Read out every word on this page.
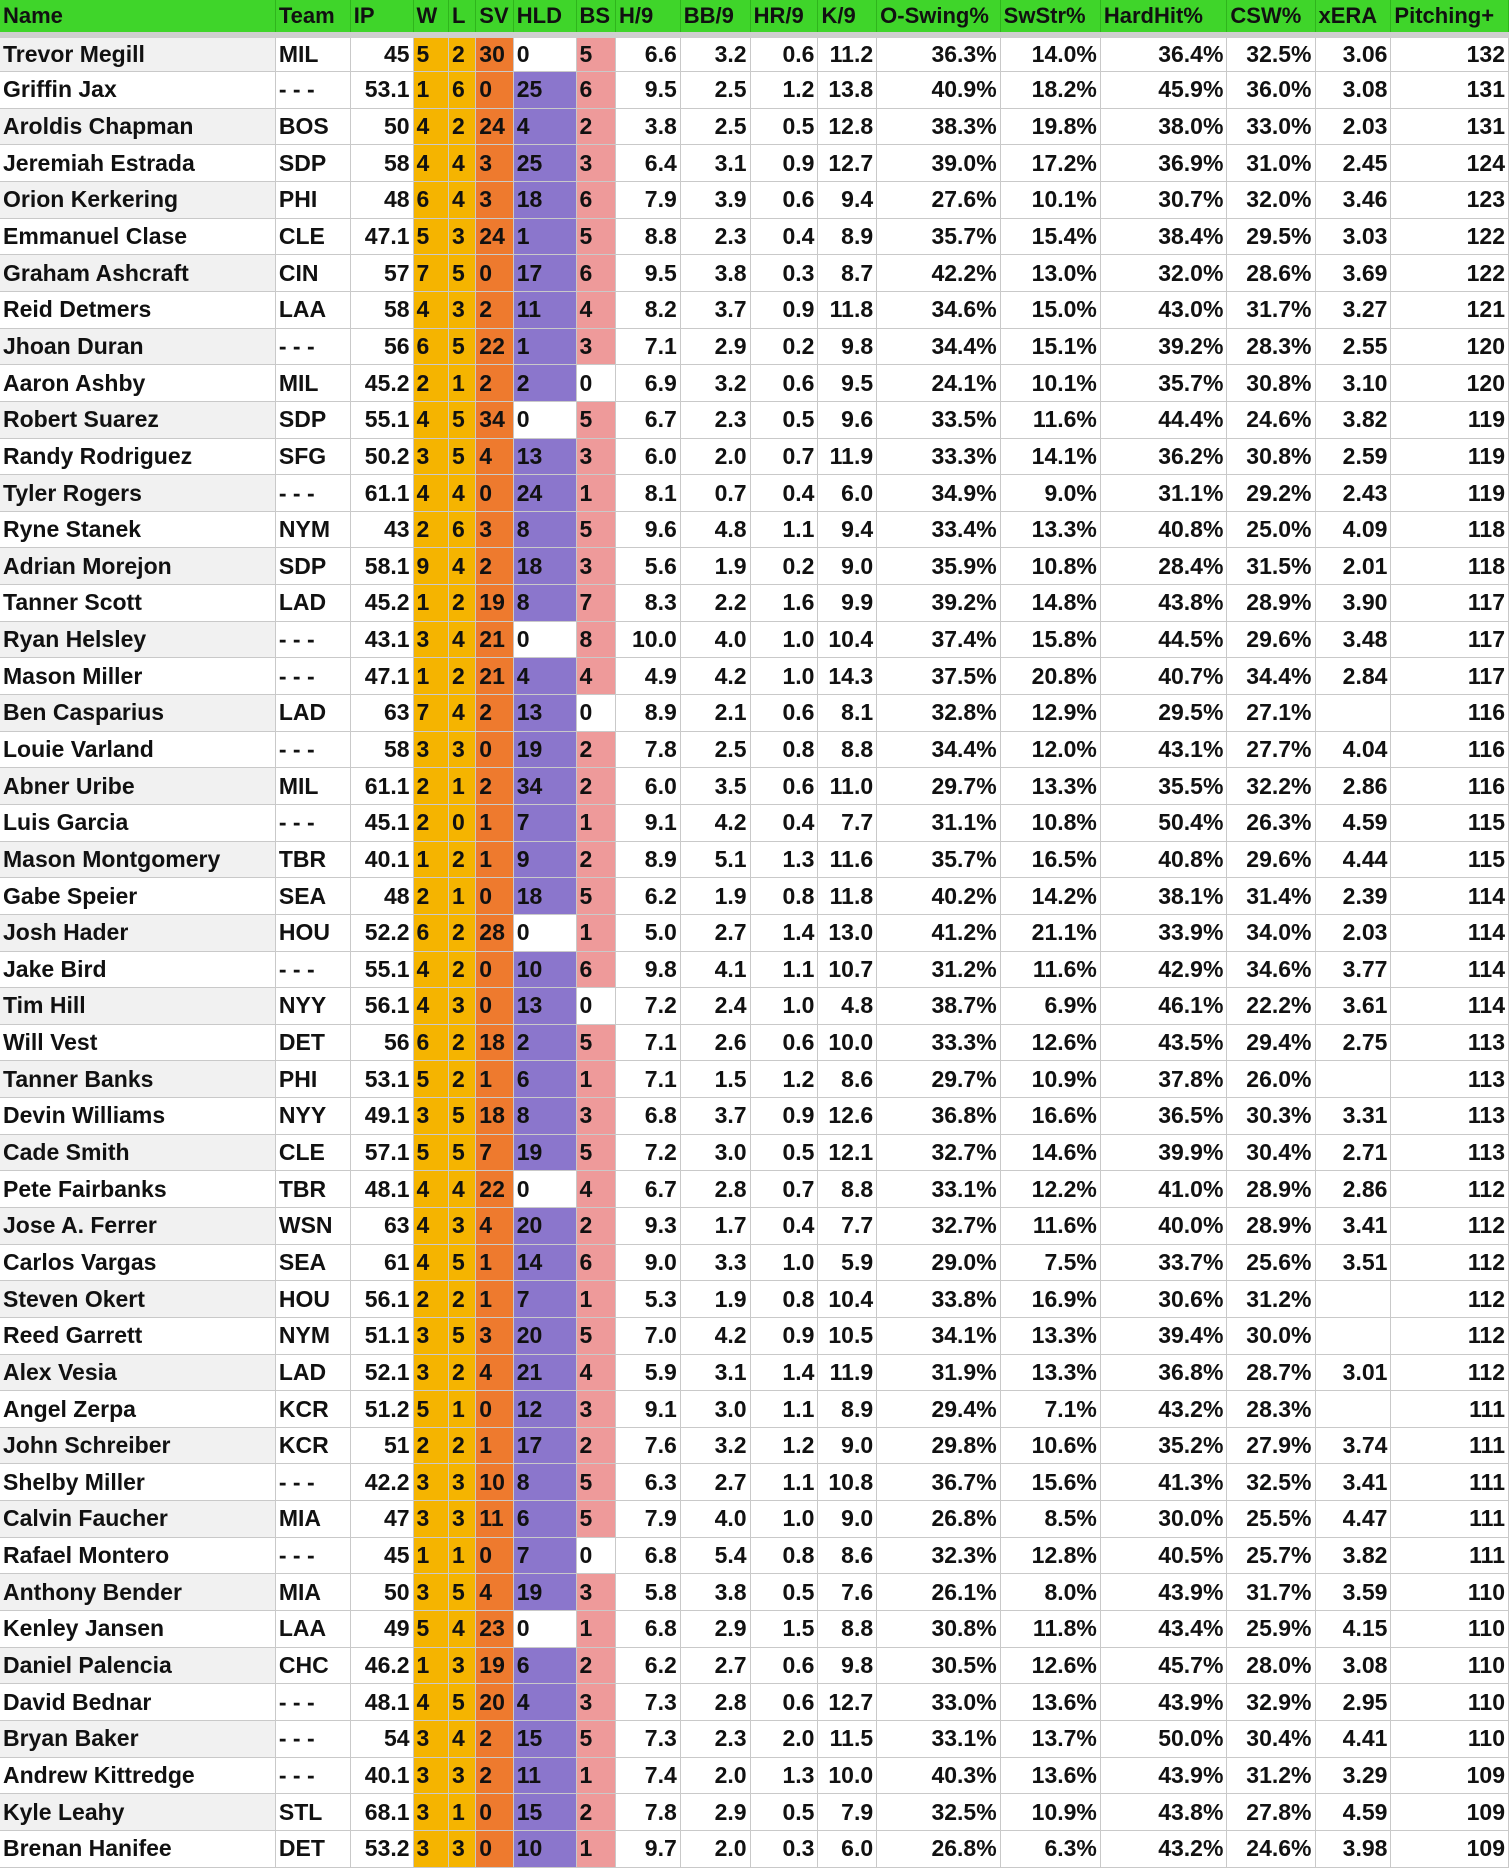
Name	Team	IP	W	L	SV	HLD	BS	H/9	BB/9	HR/9	K/9	O-Swing%	SwStr%	HardHit%	CSW%	xERA	Pitching+
Trevor Megill	MIL	45	5	2	30	0	5	6.6	3.2	0.6	11.2	36.3%	14.0%	36.4%	32.5%	3.06	132
Griffin Jax	- - -	53.1	1	6	0	25	6	9.5	2.5	1.2	13.8	40.9%	18.2%	45.9%	36.0%	3.08	131
Aroldis Chapman	BOS	50	4	2	24	4	2	3.8	2.5	0.5	12.8	38.3%	19.8%	38.0%	33.0%	2.03	131
Jeremiah Estrada	SDP	58	4	4	3	25	3	6.4	3.1	0.9	12.7	39.0%	17.2%	36.9%	31.0%	2.45	124
Orion Kerkering	PHI	48	6	4	3	18	6	7.9	3.9	0.6	9.4	27.6%	10.1%	30.7%	32.0%	3.46	123
Emmanuel Clase	CLE	47.1	5	3	24	1	5	8.8	2.3	0.4	8.9	35.7%	15.4%	38.4%	29.5%	3.03	122
Graham Ashcraft	CIN	57	7	5	0	17	6	9.5	3.8	0.3	8.7	42.2%	13.0%	32.0%	28.6%	3.69	122
Reid Detmers	LAA	58	4	3	2	11	4	8.2	3.7	0.9	11.8	34.6%	15.0%	43.0%	31.7%	3.27	121
Jhoan Duran	- - -	56	6	5	22	1	3	7.1	2.9	0.2	9.8	34.4%	15.1%	39.2%	28.3%	2.55	120
Aaron Ashby	MIL	45.2	2	1	2	2	0	6.9	3.2	0.6	9.5	24.1%	10.1%	35.7%	30.8%	3.10	120
Robert Suarez	SDP	55.1	4	5	34	0	5	6.7	2.3	0.5	9.6	33.5%	11.6%	44.4%	24.6%	3.82	119
Randy Rodriguez	SFG	50.2	3	5	4	13	3	6.0	2.0	0.7	11.9	33.3%	14.1%	36.2%	30.8%	2.59	119
Tyler Rogers	- - -	61.1	4	4	0	24	1	8.1	0.7	0.4	6.0	34.9%	9.0%	31.1%	29.2%	2.43	119
Ryne Stanek	NYM	43	2	6	3	8	5	9.6	4.8	1.1	9.4	33.4%	13.3%	40.8%	25.0%	4.09	118
Adrian Morejon	SDP	58.1	9	4	2	18	3	5.6	1.9	0.2	9.0	35.9%	10.8%	28.4%	31.5%	2.01	118
Tanner Scott	LAD	45.2	1	2	19	8	7	8.3	2.2	1.6	9.9	39.2%	14.8%	43.8%	28.9%	3.90	117
Ryan Helsley	- - -	43.1	3	4	21	0	8	10.0	4.0	1.0	10.4	37.4%	15.8%	44.5%	29.6%	3.48	117
Mason Miller	- - -	47.1	1	2	21	4	4	4.9	4.2	1.0	14.3	37.5%	20.8%	40.7%	34.4%	2.84	117
Ben Casparius	LAD	63	7	4	2	13	0	8.9	2.1	0.6	8.1	32.8%	12.9%	29.5%	27.1%		116
Louie Varland	- - -	58	3	3	0	19	2	7.8	2.5	0.8	8.8	34.4%	12.0%	43.1%	27.7%	4.04	116
Abner Uribe	MIL	61.1	2	1	2	34	2	6.0	3.5	0.6	11.0	29.7%	13.3%	35.5%	32.2%	2.86	116
Luis Garcia	- - -	45.1	2	0	1	7	1	9.1	4.2	0.4	7.7	31.1%	10.8%	50.4%	26.3%	4.59	115
Mason Montgomery	TBR	40.1	1	2	1	9	2	8.9	5.1	1.3	11.6	35.7%	16.5%	40.8%	29.6%	4.44	115
Gabe Speier	SEA	48	2	1	0	18	5	6.2	1.9	0.8	11.8	40.2%	14.2%	38.1%	31.4%	2.39	114
Josh Hader	HOU	52.2	6	2	28	0	1	5.0	2.7	1.4	13.0	41.2%	21.1%	33.9%	34.0%	2.03	114
Jake Bird	- - -	55.1	4	2	0	10	6	9.8	4.1	1.1	10.7	31.2%	11.6%	42.9%	34.6%	3.77	114
Tim Hill	NYY	56.1	4	3	0	13	0	7.2	2.4	1.0	4.8	38.7%	6.9%	46.1%	22.2%	3.61	114
Will Vest	DET	56	6	2	18	2	5	7.1	2.6	0.6	10.0	33.3%	12.6%	43.5%	29.4%	2.75	113
Tanner Banks	PHI	53.1	5	2	1	6	1	7.1	1.5	1.2	8.6	29.7%	10.9%	37.8%	26.0%		113
Devin Williams	NYY	49.1	3	5	18	8	3	6.8	3.7	0.9	12.6	36.8%	16.6%	36.5%	30.3%	3.31	113
Cade Smith	CLE	57.1	5	5	7	19	5	7.2	3.0	0.5	12.1	32.7%	14.6%	39.9%	30.4%	2.71	113
Pete Fairbanks	TBR	48.1	4	4	22	0	4	6.7	2.8	0.7	8.8	33.1%	12.2%	41.0%	28.9%	2.86	112
Jose A. Ferrer	WSN	63	4	3	4	20	2	9.3	1.7	0.4	7.7	32.7%	11.6%	40.0%	28.9%	3.41	112
Carlos Vargas	SEA	61	4	5	1	14	6	9.0	3.3	1.0	5.9	29.0%	7.5%	33.7%	25.6%	3.51	112
Steven Okert	HOU	56.1	2	2	1	7	1	5.3	1.9	0.8	10.4	33.8%	16.9%	30.6%	31.2%		112
Reed Garrett	NYM	51.1	3	5	3	20	5	7.0	4.2	0.9	10.5	34.1%	13.3%	39.4%	30.0%		112
Alex Vesia	LAD	52.1	3	2	4	21	4	5.9	3.1	1.4	11.9	31.9%	13.3%	36.8%	28.7%	3.01	112
Angel Zerpa	KCR	51.2	5	1	0	12	3	9.1	3.0	1.1	8.9	29.4%	7.1%	43.2%	28.3%		111
John Schreiber	KCR	51	2	2	1	17	2	7.6	3.2	1.2	9.0	29.8%	10.6%	35.2%	27.9%	3.74	111
Shelby Miller	- - -	42.2	3	3	10	8	5	6.3	2.7	1.1	10.8	36.7%	15.6%	41.3%	32.5%	3.41	111
Calvin Faucher	MIA	47	3	3	11	6	5	7.9	4.0	1.0	9.0	26.8%	8.5%	30.0%	25.5%	4.47	111
Rafael Montero	- - -	45	1	1	0	7	0	6.8	5.4	0.8	8.6	32.3%	12.8%	40.5%	25.7%	3.82	111
Anthony Bender	MIA	50	3	5	4	19	3	5.8	3.8	0.5	7.6	26.1%	8.0%	43.9%	31.7%	3.59	110
Kenley Jansen	LAA	49	5	4	23	0	1	6.8	2.9	1.5	8.8	30.8%	11.8%	43.4%	25.9%	4.15	110
Daniel Palencia	CHC	46.2	1	3	19	6	2	6.2	2.7	0.6	9.8	30.5%	12.6%	45.7%	28.0%	3.08	110
David Bednar	- - -	48.1	4	5	20	4	3	7.3	2.8	0.6	12.7	33.0%	13.6%	43.9%	32.9%	2.95	110
Bryan Baker	- - -	54	3	4	2	15	5	7.3	2.3	2.0	11.5	33.1%	13.7%	50.0%	30.4%	4.41	110
Andrew Kittredge	- - -	40.1	3	3	2	11	1	7.4	2.0	1.3	10.0	40.3%	13.6%	43.9%	31.2%	3.29	109
Kyle Leahy	STL	68.1	3	1	0	15	2	7.8	2.9	0.5	7.9	32.5%	10.9%	43.8%	27.8%	4.59	109
Brenan Hanifee	DET	53.2	3	3	0	10	1	9.7	2.0	0.3	6.0	26.8%	6.3%	43.2%	24.6%	3.98	109
